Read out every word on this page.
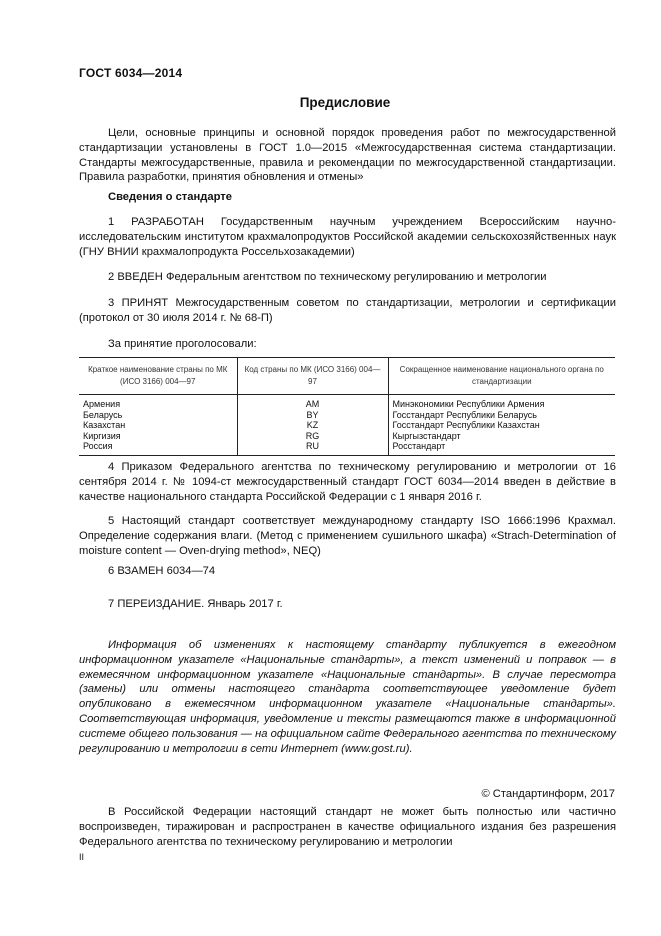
ГОСТ 6034—2014
Предисловие
Цели, основные принципы и основной порядок проведения работ по межгосударственной стандартизации установлены в ГОСТ 1.0—2015 «Межгосударственная система стандартизации. Стандарты межгосударственные, правила и рекомендации по межгосударственной стандартизации. Правила разработки, принятия обновления и отмены»
Сведения о стандарте
1 РАЗРАБОТАН Государственным научным учреждением Всероссийским научно-исследовательским институтом крахмалопродуктов Российской академии сельскохозяйственных наук (ГНУ ВНИИ крахмалопродукта Россельхозакадемии)
2 ВВЕДЕН Федеральным агентством по техническому регулированию и метрологии
3 ПРИНЯТ Межгосударственным советом по стандартизации, метрологии и сертификации (протокол от 30 июля 2014 г. № 68-П)
За принятие проголосовали:
Краткое наименование страны по МК (ИСО 3166) 004—97	Код страны по МК (ИСО 3166) 004—97	Сокращенное наименование национального органа по стандартизации
Армения	AM	Минэкономики Республики Армения
Беларусь	BY	Госстандарт Республики Беларусь
Казахстан	KZ	Госстандарт Республики Казахстан
Киргизия	RG	Кыргызстандарт
Россия	RU	Росстандарт
4 Приказом Федерального агентства по техническому регулированию и метрологии от 16 сентября 2014 г. № 1094-ст межгосударственный стандарт ГОСТ 6034—2014 введен в действие в качестве национального стандарта Российской Федерации с 1 января 2016 г.
5 Настоящий стандарт соответствует международному стандарту ISO 1666:1996 Крахмал. Определение содержания влаги. (Метод с применением сушильного шкафа) «Strach-Determination of moisture content — Oven-drying method», NEQ)
6 ВЗАМЕН 6034—74
7 ПЕРЕИЗДАНИЕ. Январь 2017 г.
Информация об изменениях к настоящему стандарту публикуется в ежегодном информационном указателе «Национальные стандарты», а текст изменений и поправок — в ежемесячном информационном указателе «Национальные стандарты». В случае пересмотра (замены) или отмены настоящего стандарта соответствующее уведомление будет опубликовано в ежемесячном информационном указателе «Национальные стандарты». Соответствующая информация, уведомление и тексты размещаются также в информационной системе общего пользования — на официальном сайте Федерального агентства по техническому регулированию и метрологии в сети Интернет (www.gost.ru).
© Стандартинформ, 2017
В Российской Федерации настоящий стандарт не может быть полностью или частично воспроизведен, тиражирован и распространен в качестве официального издания без разрешения Федерального агентства по техническому регулированию и метрологии
II
